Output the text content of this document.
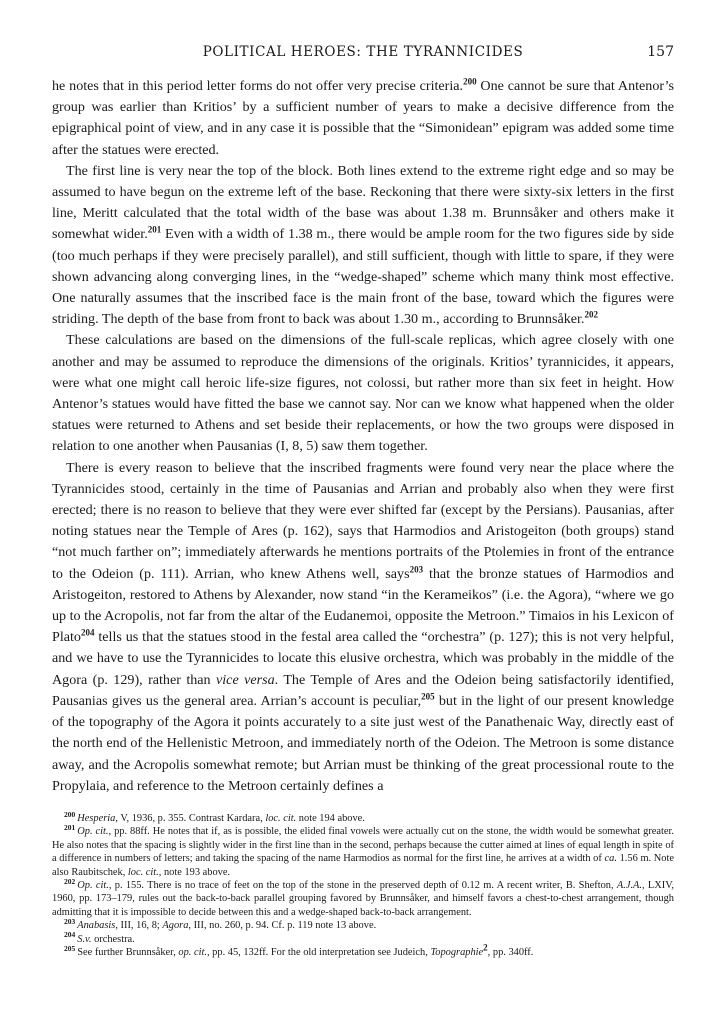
POLITICAL HEROES: THE TYRANNICIDES	157

he notes that in this period letter forms do not offer very precise criteria.$^{200}$ One cannot be sure that Antenor’s group was earlier than Kritios’ by a sufficient number of years to make a decisive difference from the epigraphical point of view, and in any case it is possible that the “Simonidean” epigram was added some time after the statues were erected.

The first line is very near the top of the block. Both lines extend to the extreme right edge and so may be assumed to have begun on the extreme left of the base. Reckoning that there were sixty-six letters in the first line, Meritt calculated that the total width of the base was about 1.38 m. Brunnsåker and others make it somewhat wider.$^{201}$ Even with a width of 1.38 m., there would be ample room for the two figures side by side (too much perhaps if they were precisely parallel), and still sufficient, though with little to spare, if they were shown advancing along converging lines, in the “wedge-shaped” scheme which many think most effective. One naturally assumes that the inscribed face is the main front of the base, toward which the figures were striding. The depth of the base from front to back was about 1.30 m., according to Brunnsåker.$^{202}$

These calculations are based on the dimensions of the full-scale replicas, which agree closely with one another and may be assumed to reproduce the dimensions of the originals. Kritios’ tyrannicides, it appears, were what one might call heroic life-size figures, not colossi, but rather more than six feet in height. How Antenor’s statues would have fitted the base we cannot say. Nor can we know what happened when the older statues were returned to Athens and set beside their replacements, or how the two groups were disposed in relation to one another when Pausanias (I, 8, 5) saw them together.

There is every reason to believe that the inscribed fragments were found very near the place where the Tyrannicides stood, certainly in the time of Pausanias and Arrian and probably also when they were first erected; there is no reason to believe that they were ever shifted far (except by the Persians). Pausanias, after noting statues near the Temple of Ares (p. 162), says that Harmodios and Aristogeiton (both groups) stand “not much farther on”; immediately afterwards he mentions portraits of the Ptolemies in front of the entrance to the Odeion (p. 111). Arrian, who knew Athens well, says$^{203}$ that the bronze statues of Harmodios and Aristogeiton, restored to Athens by Alexander, now stand “in the Kerameikos” (i.e. the Agora), “where we go up to the Acropolis, not far from the altar of the Eudanemoi, opposite the Metroon.” Timaios in his Lexicon of Plato$^{204}$ tells us that the statues stood in the festal area called the “orchestra” (p. 127); this is not very helpful, and we have to use the Tyrannicides to locate this elusive orchestra, which was probably in the middle of the Agora (p. 129), rather than vice versa. The Temple of Ares and the Odeion being satisfactorily identified, Pausanias gives us the general area. Arrian’s account is peculiar,$^{205}$ but in the light of our present knowledge of the topography of the Agora it points accurately to a site just west of the Panathenaic Way, directly east of the north end of the Hellenistic Metroon, and immediately north of the Odeion. The Metroon is some distance away, and the Acropolis somewhat remote; but Arrian must be thinking of the great processional route to the Propylaia, and reference to the Metroon certainly defines a

$^{200}$ Hesperia, V, 1936, p. 355. Contrast Kardara, loc. cit. note 194 above.

$^{201}$ Op. cit., pp. 88ff. He notes that if, as is possible, the elided final vowels were actually cut on the stone, the width would be somewhat greater. He also notes that the spacing is slightly wider in the first line than in the second, perhaps because the cutter aimed at lines of equal length in spite of a difference in numbers of letters; and taking the spacing of the name Harmodios as normal for the first line, he arrives at a width of ca. 1.56 m. Note also Raubitschek, loc. cit., note 193 above.

$^{202}$ Op. cit., p. 155. There is no trace of feet on the top of the stone in the preserved depth of 0.12 m. A recent writer, B. Shefton, A.J.A., LXIV, 1960, pp. 173–179, rules out the back-to-back parallel grouping favored by Brunnsåker, and himself favors a chest-to-chest arrangement, though admitting that it is impossible to decide between this and a wedge-shaped back-to-back arrangement.

$^{203}$ Anabasis, III, 16, 8; Agora, III, no. 260, p. 94. Cf. p. 119 note 13 above.

$^{204}$ S.v. orchestra.

$^{205}$ See further Brunnsåker, op. cit., pp. 45, 132ff. For the old interpretation see Judeich, Topographie$^2$, pp. 340ff.
